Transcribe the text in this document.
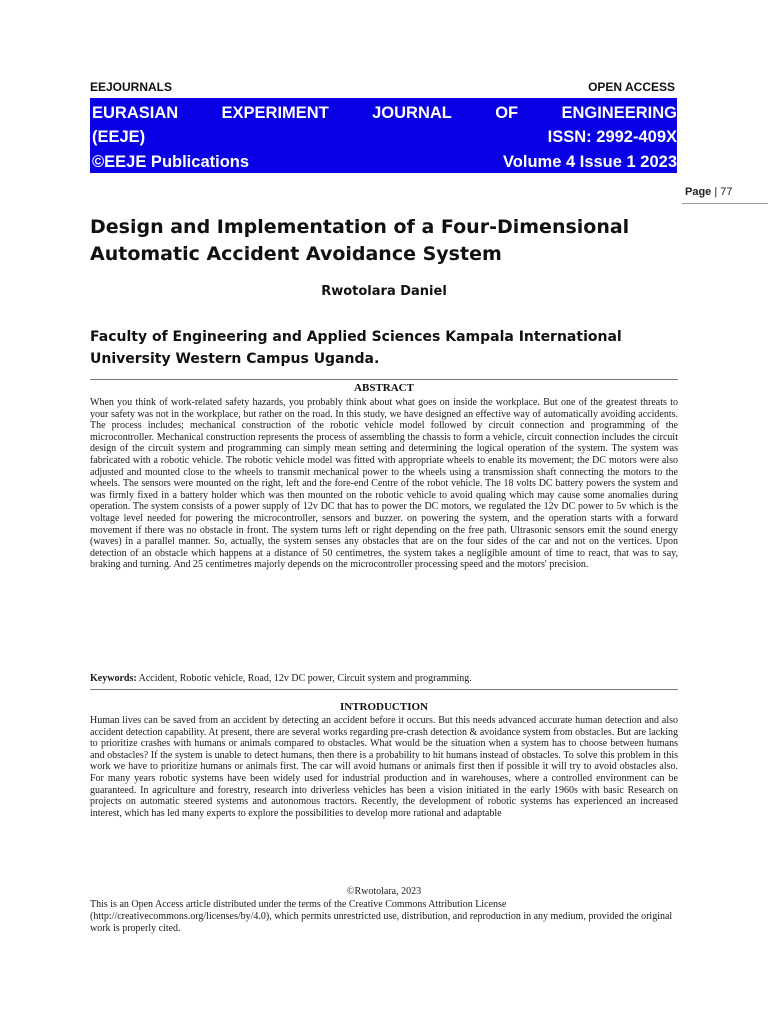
EEJOURNALS	OPEN ACCESS
EURASIAN	EXPERIMENT	JOURNAL	OF	ENGINEERING
(EEJE)	ISSN: 2992-409X
©EEJE Publications	Volume 4 Issue 1 2023
Page | 77
Design and Implementation of a Four-Dimensional
Automatic Accident Avoidance System
Rwotolara Daniel
Faculty of Engineering and Applied Sciences Kampala International
University Western Campus Uganda.
ABSTRACT
When you think of work-related safety hazards, you probably think about what goes on inside the workplace. But one of the greatest threats to your safety was not in the workplace, but rather on the road. In this study, we have designed an effective way of automatically avoiding accidents. The process includes; mechanical construction of the robotic vehicle model followed by circuit connection and programming of the microcontroller. Mechanical construction represents the process of assembling the chassis to form a vehicle, circuit connection includes the circuit design of the circuit system and programming can simply mean setting and determining the logical operation of the system. The system was fabricated with a robotic vehicle. The robotic vehicle model was fitted with appropriate wheels to enable its movement; the DC motors were also adjusted and mounted close to the wheels to transmit mechanical power to the wheels using a transmission shaft connecting the motors to the wheels. The sensors were mounted on the right, left and the fore-end Centre of the robot vehicle. The 18 volts DC battery powers the system and was firmly fixed in a battery holder which was then mounted on the robotic vehicle to avoid qualing which may cause some anomalies during operation. The system consists of a power supply of 12v DC that has to power the DC motors, we regulated the 12v DC power to 5v which is the voltage level needed for powering the microcontroller, sensors and buzzer. on powering the system, and the operation starts with a forward movement if there was no obstacle in front. The system turns left or right depending on the free path. Ultrasonic sensors emit the sound energy (waves) in a parallel manner. So, actually, the system senses any obstacles that are on the four sides of the car and not on the vertices. Upon detection of an obstacle which happens at a distance of 50 centimetres, the system takes a negligible amount of time to react, that was to say, braking and turning. And 25 centimetres majorly depends on the microcontroller processing speed and the motors' precision.
Keywords: Accident, Robotic vehicle, Road, 12v DC power, Circuit system and programming.
INTRODUCTION
Human lives can be saved from an accident by detecting an accident before it occurs. But this needs advanced accurate human detection and also accident detection capability. At present, there are several works regarding pre-crash detection & avoidance system from obstacles. But are lacking to prioritize crashes with humans or animals compared to obstacles. What would be the situation when a system has to choose between humans and obstacles? If the system is unable to detect humans, then there is a probability to hit humans instead of obstacles. To solve this problem in this work we have to prioritize humans or animals first. The car will avoid humans or animals first then if possible it will try to avoid obstacles also. For many years robotic systems have been widely used for industrial production and in warehouses, where a controlled environment can be guaranteed. In agriculture and forestry, research into driverless vehicles has been a vision initiated in the early 1960s with basic Research on projects on automatic steered systems and autonomous tractors. Recently, the development of robotic systems has experienced an increased interest, which has led many experts to explore the possibilities to develop more rational and adaptable
©Rwotolara, 2023
This is an Open Access article distributed under the terms of the Creative Commons Attribution License (http://creativecommons.org/licenses/by/4.0), which permits unrestricted use, distribution, and reproduction in any medium, provided the original work is properly cited.
